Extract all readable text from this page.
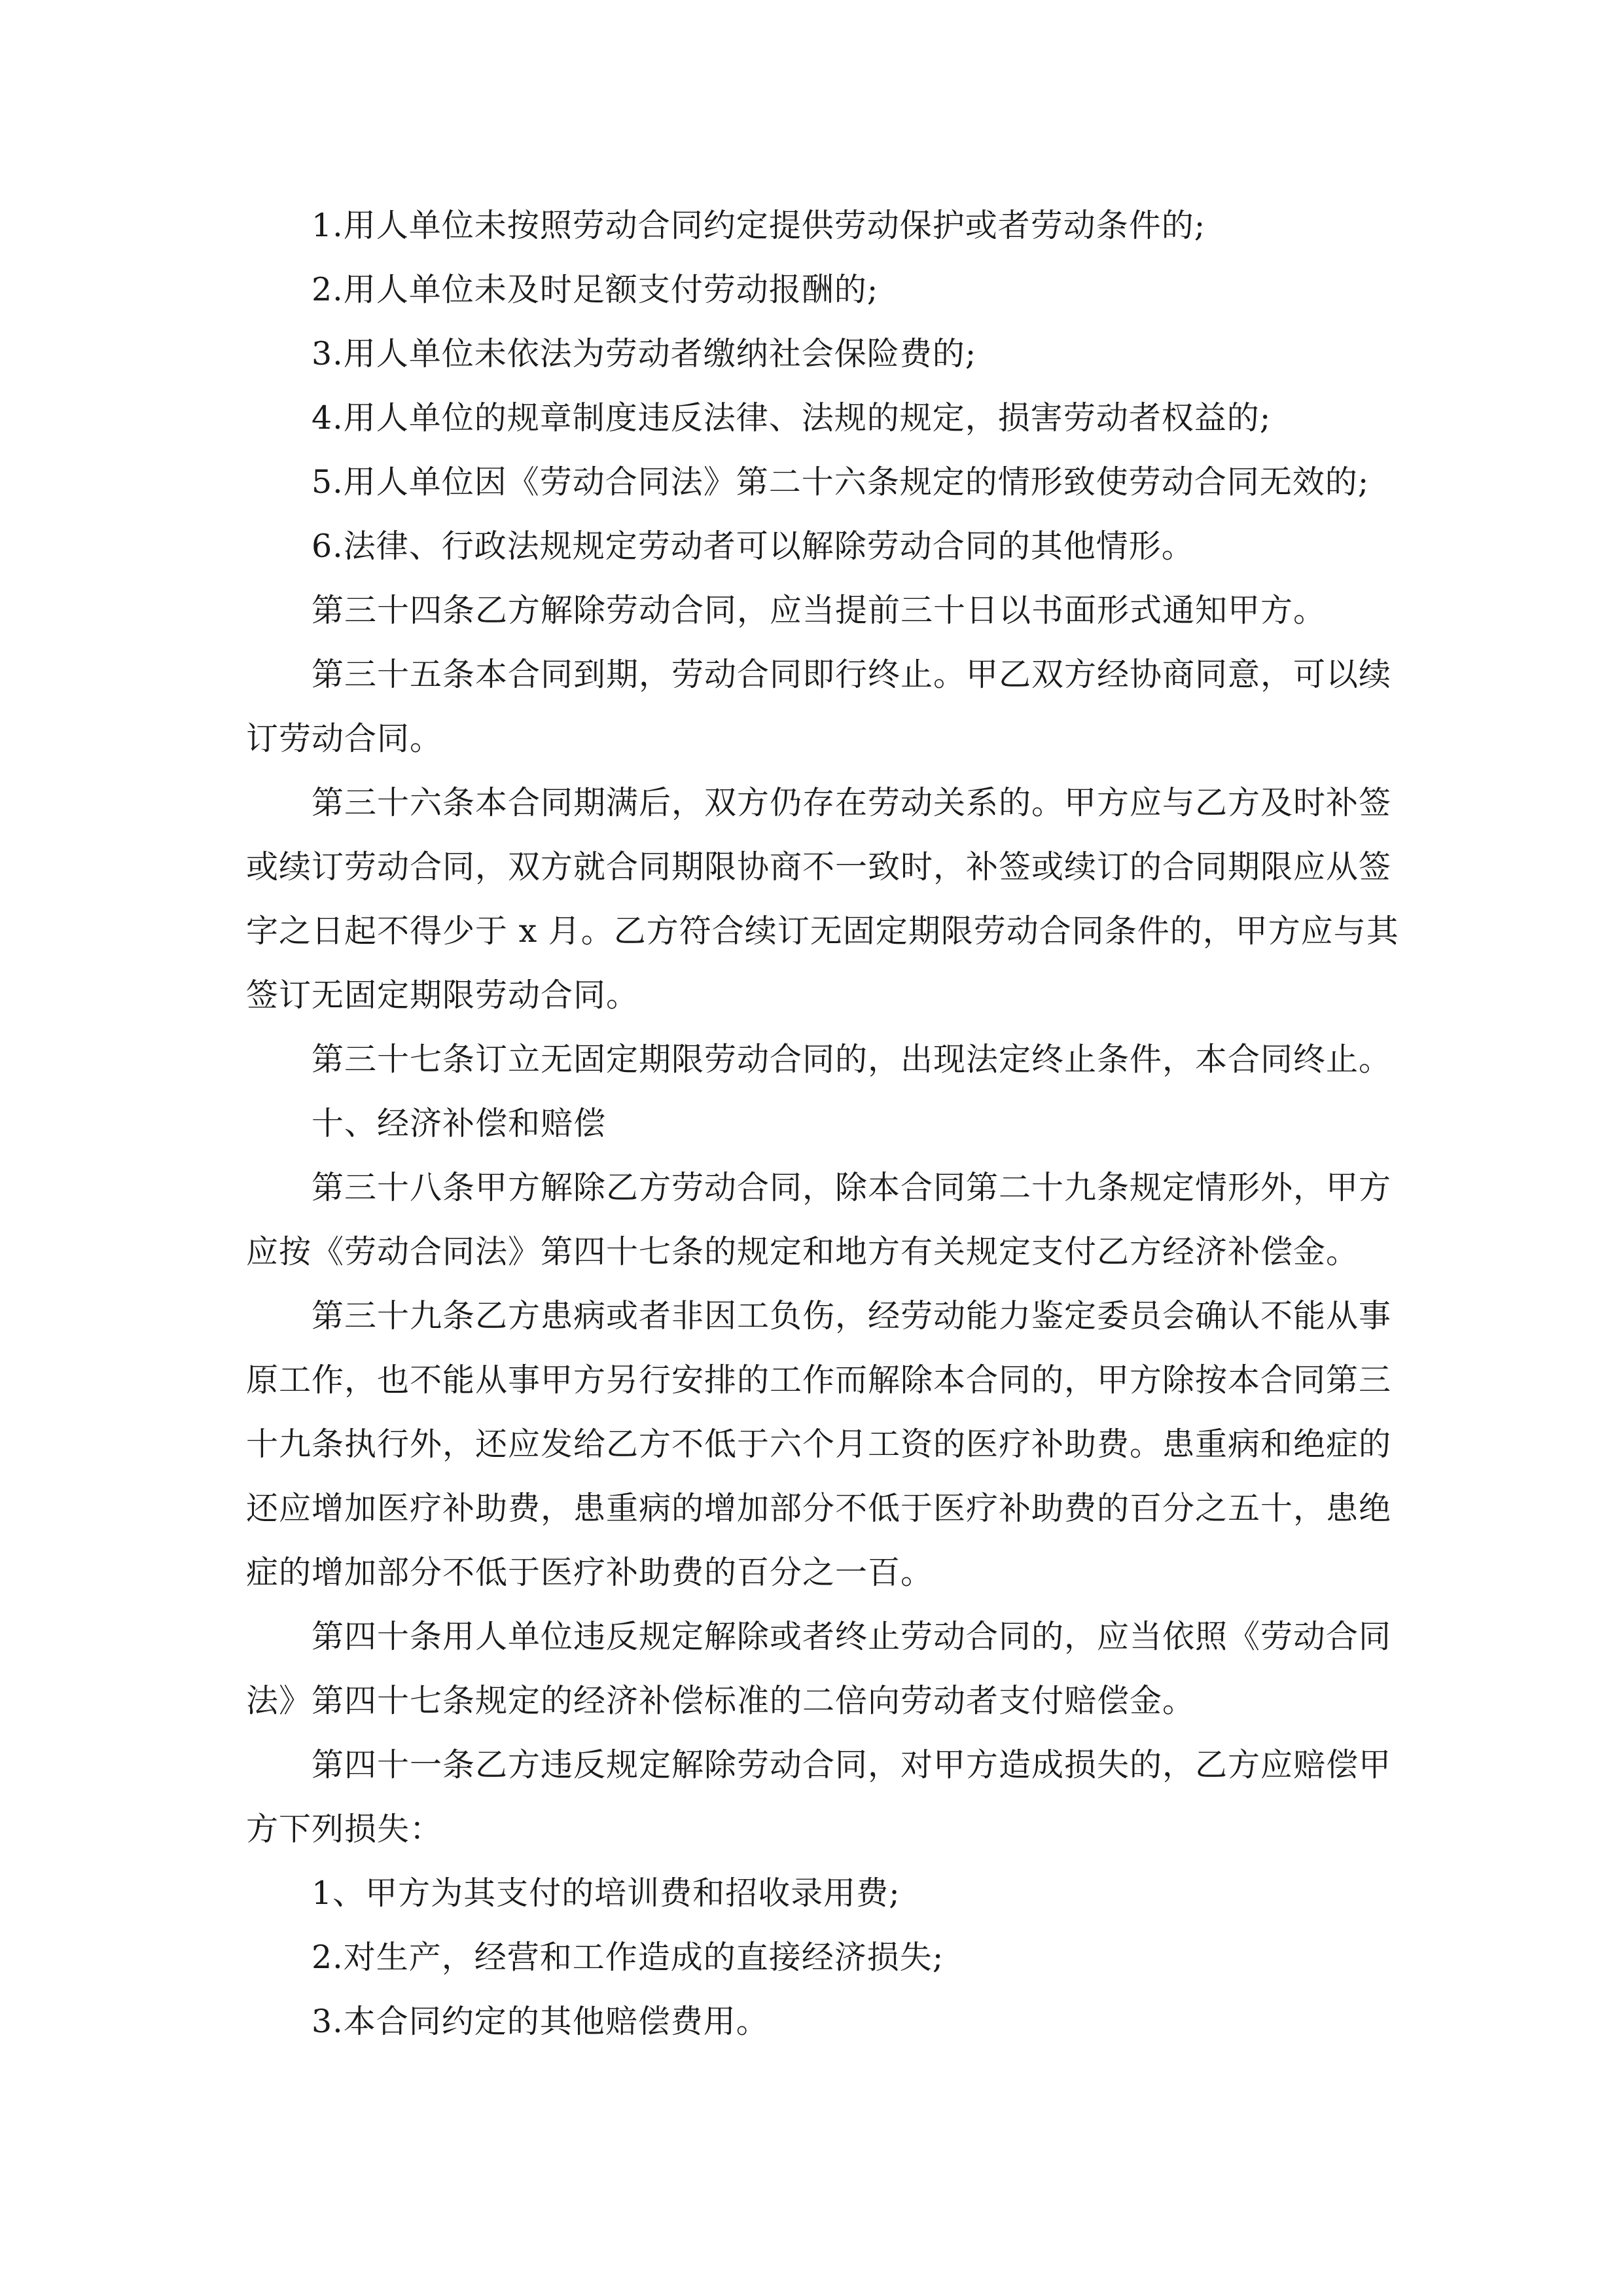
1.用人单位未按照劳动合同约定提供劳动保护或者劳动条件的;
2.用人单位未及时足额支付劳动报酬的;
3.用人单位未依法为劳动者缴纳社会保险费的;
4.用人单位的规章制度违反法律、法规的规定，损害劳动者权益的;
5.用人单位因《劳动合同法》第二十六条规定的情形致使劳动合同无效的;
6.法律、行政法规规定劳动者可以解除劳动合同的其他情形。
第三十四条乙方解除劳动合同，应当提前三十日以书面形式通知甲方。
第三十五条本合同到期，劳动合同即行终止。甲乙双方经协商同意，可以续
订劳动合同。
第三十六条本合同期满后，双方仍存在劳动关系的。甲方应与乙方及时补签
或续订劳动合同，双方就合同期限协商不一致时，补签或续订的合同期限应从签
字之日起不得少于 x 月。乙方符合续订无固定期限劳动合同条件的，甲方应与其
签订无固定期限劳动合同。
第三十七条订立无固定期限劳动合同的，出现法定终止条件，本合同终止。
十、经济补偿和赔偿
第三十八条甲方解除乙方劳动合同，除本合同第二十九条规定情形外，甲方
应按《劳动合同法》第四十七条的规定和地方有关规定支付乙方经济补偿金。
第三十九条乙方患病或者非因工负伤，经劳动能力鉴定委员会确认不能从事
原工作，也不能从事甲方另行安排的工作而解除本合同的，甲方除按本合同第三
十九条执行外，还应发给乙方不低于六个月工资的医疗补助费。患重病和绝症的
还应增加医疗补助费，患重病的增加部分不低于医疗补助费的百分之五十，患绝
症的增加部分不低于医疗补助费的百分之一百。
第四十条用人单位违反规定解除或者终止劳动合同的，应当依照《劳动合同
法》第四十七条规定的经济补偿标准的二倍向劳动者支付赔偿金。
第四十一条乙方违反规定解除劳动合同，对甲方造成损失的，乙方应赔偿甲
方下列损失：
1、甲方为其支付的培训费和招收录用费;
2.对生产，经营和工作造成的直接经济损失;
3.本合同约定的其他赔偿费用。
